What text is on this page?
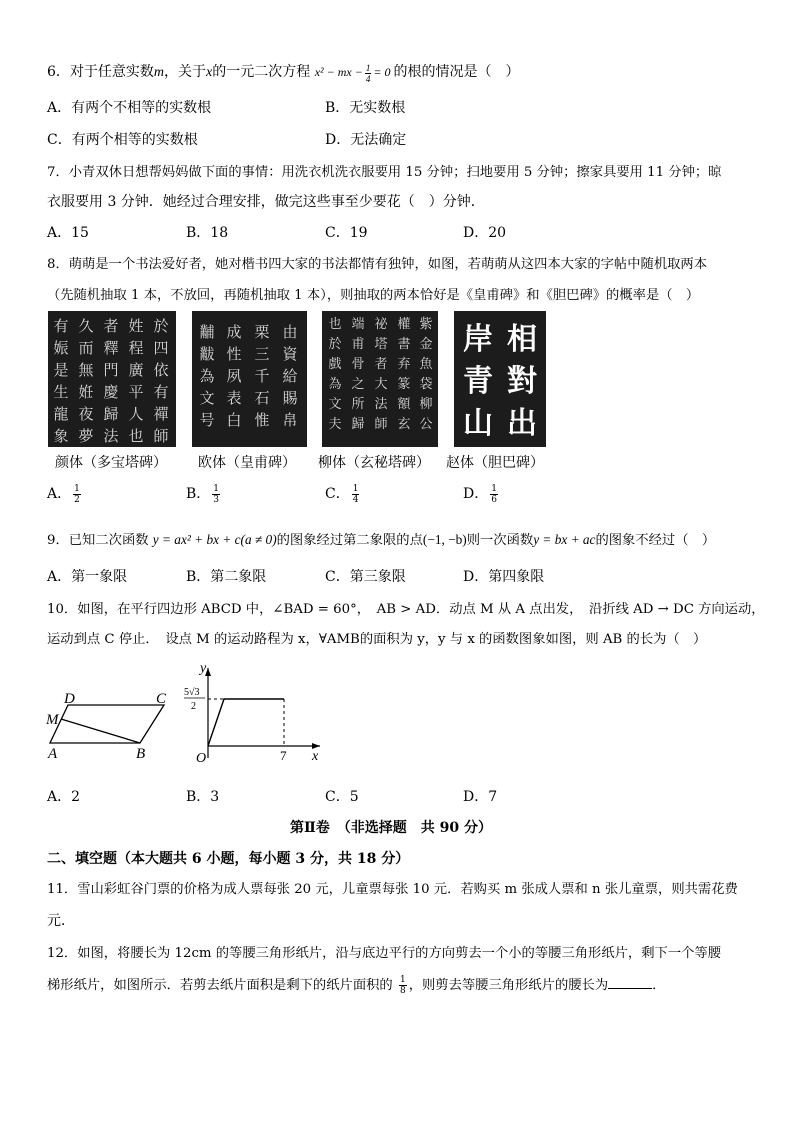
6．对于任意实数m，关于x的一元二次方程 x² − mx − $\frac{1}{4} = 0$ 的根的情况是（　）
A．有两个不相等的实数根	B．无实数根
C．有两个相等的实数根	D．无法确定
7．小青双休日想帮妈妈做下面的事情：用洗衣机洗衣服要用 15 分钟；扫地要用 5 分钟；擦家具要用 11 分钟；晾
衣服要用 3 分钟．她经过合理安排，做完这些事至少要花（　）分钟．
A．15	B．18	C．19	D．20
8．萌萌是一个书法爱好者，她对楷书四大家的书法都情有独钟，如图，若萌萌从这四本大家的字帖中随机取两本
（先随机抽取 1 本，不放回，再随机抽取 1 本），则抽取的两本恰好是《皇甫碑》和《胆巴碑》的概率是（　）
有
娠
是
生
龍
象
久
而
無
姙
夜
夢
者
釋
門
慶
歸
法
姓
程
廣
平
人
也
於
四
依
有
禪
師
黼
黻
為
文
号
成
性
夙
表
白
栗
三
千
石
惟
由
資
給
賜
帛
也
於
戲
為
文
夫
端
甫
骨
之
所
歸
祕
塔
者
大
法
師
權
書
弃
篆
額
玄
紫
金
魚
袋
柳
公
岸青山
相對出
颜体（多宝塔碑） 欧体（皇甫碑） 柳体（玄秘塔碑） 赵体（胆巴碑）
A． $\frac{1}{2}$	B． $\frac{1}{3}$	C． $\frac{1}{4}$	D． $\frac{1}{6}$
9．已知二次函数 y = ax² + bx + c(a ≠ 0)的图象经过第二象限的点(−1, −b)则一次函数y = bx + ac的图象不经过（　）
A．第一象限	B．第二象限	C．第三象限	D．第四象限
10．如图，在平行四边形 ABCD 中，∠BAD = 60°，　AB > AD．动点 M 从 A 点出发，　沿折线 AD → DC 方向运动，
运动到点 C 停止．　设点 M 的运动路程为 x，∀AMB的面积为 y，y 与 x 的函数图象如图，则 AB 的长为（　）
D	C
M
A	B
y
x
O	7
5√3
2
A．2	B．3	C．5	D．7
第Ⅱ卷　（非选择题　共 90 分）
二、填空题（本大题共 6 小题，每小题 3 分，共 18 分）
11．雪山彩虹谷门票的价格为成人票每张 20 元，儿童票每张 10 元．若购买 m 张成人票和 n 张儿童票，则共需花费
元．
12．如图，将腰长为 12cm 的等腰三角形纸片，沿与底边平行的方向剪去一个小的等腰三角形纸片，剩下一个等腰
梯形纸片，如图所示．若剪去纸片面积是剩下的纸片面积的 $\frac{1}{8}$ ，则剪去等腰三角形纸片的腰长为	．
